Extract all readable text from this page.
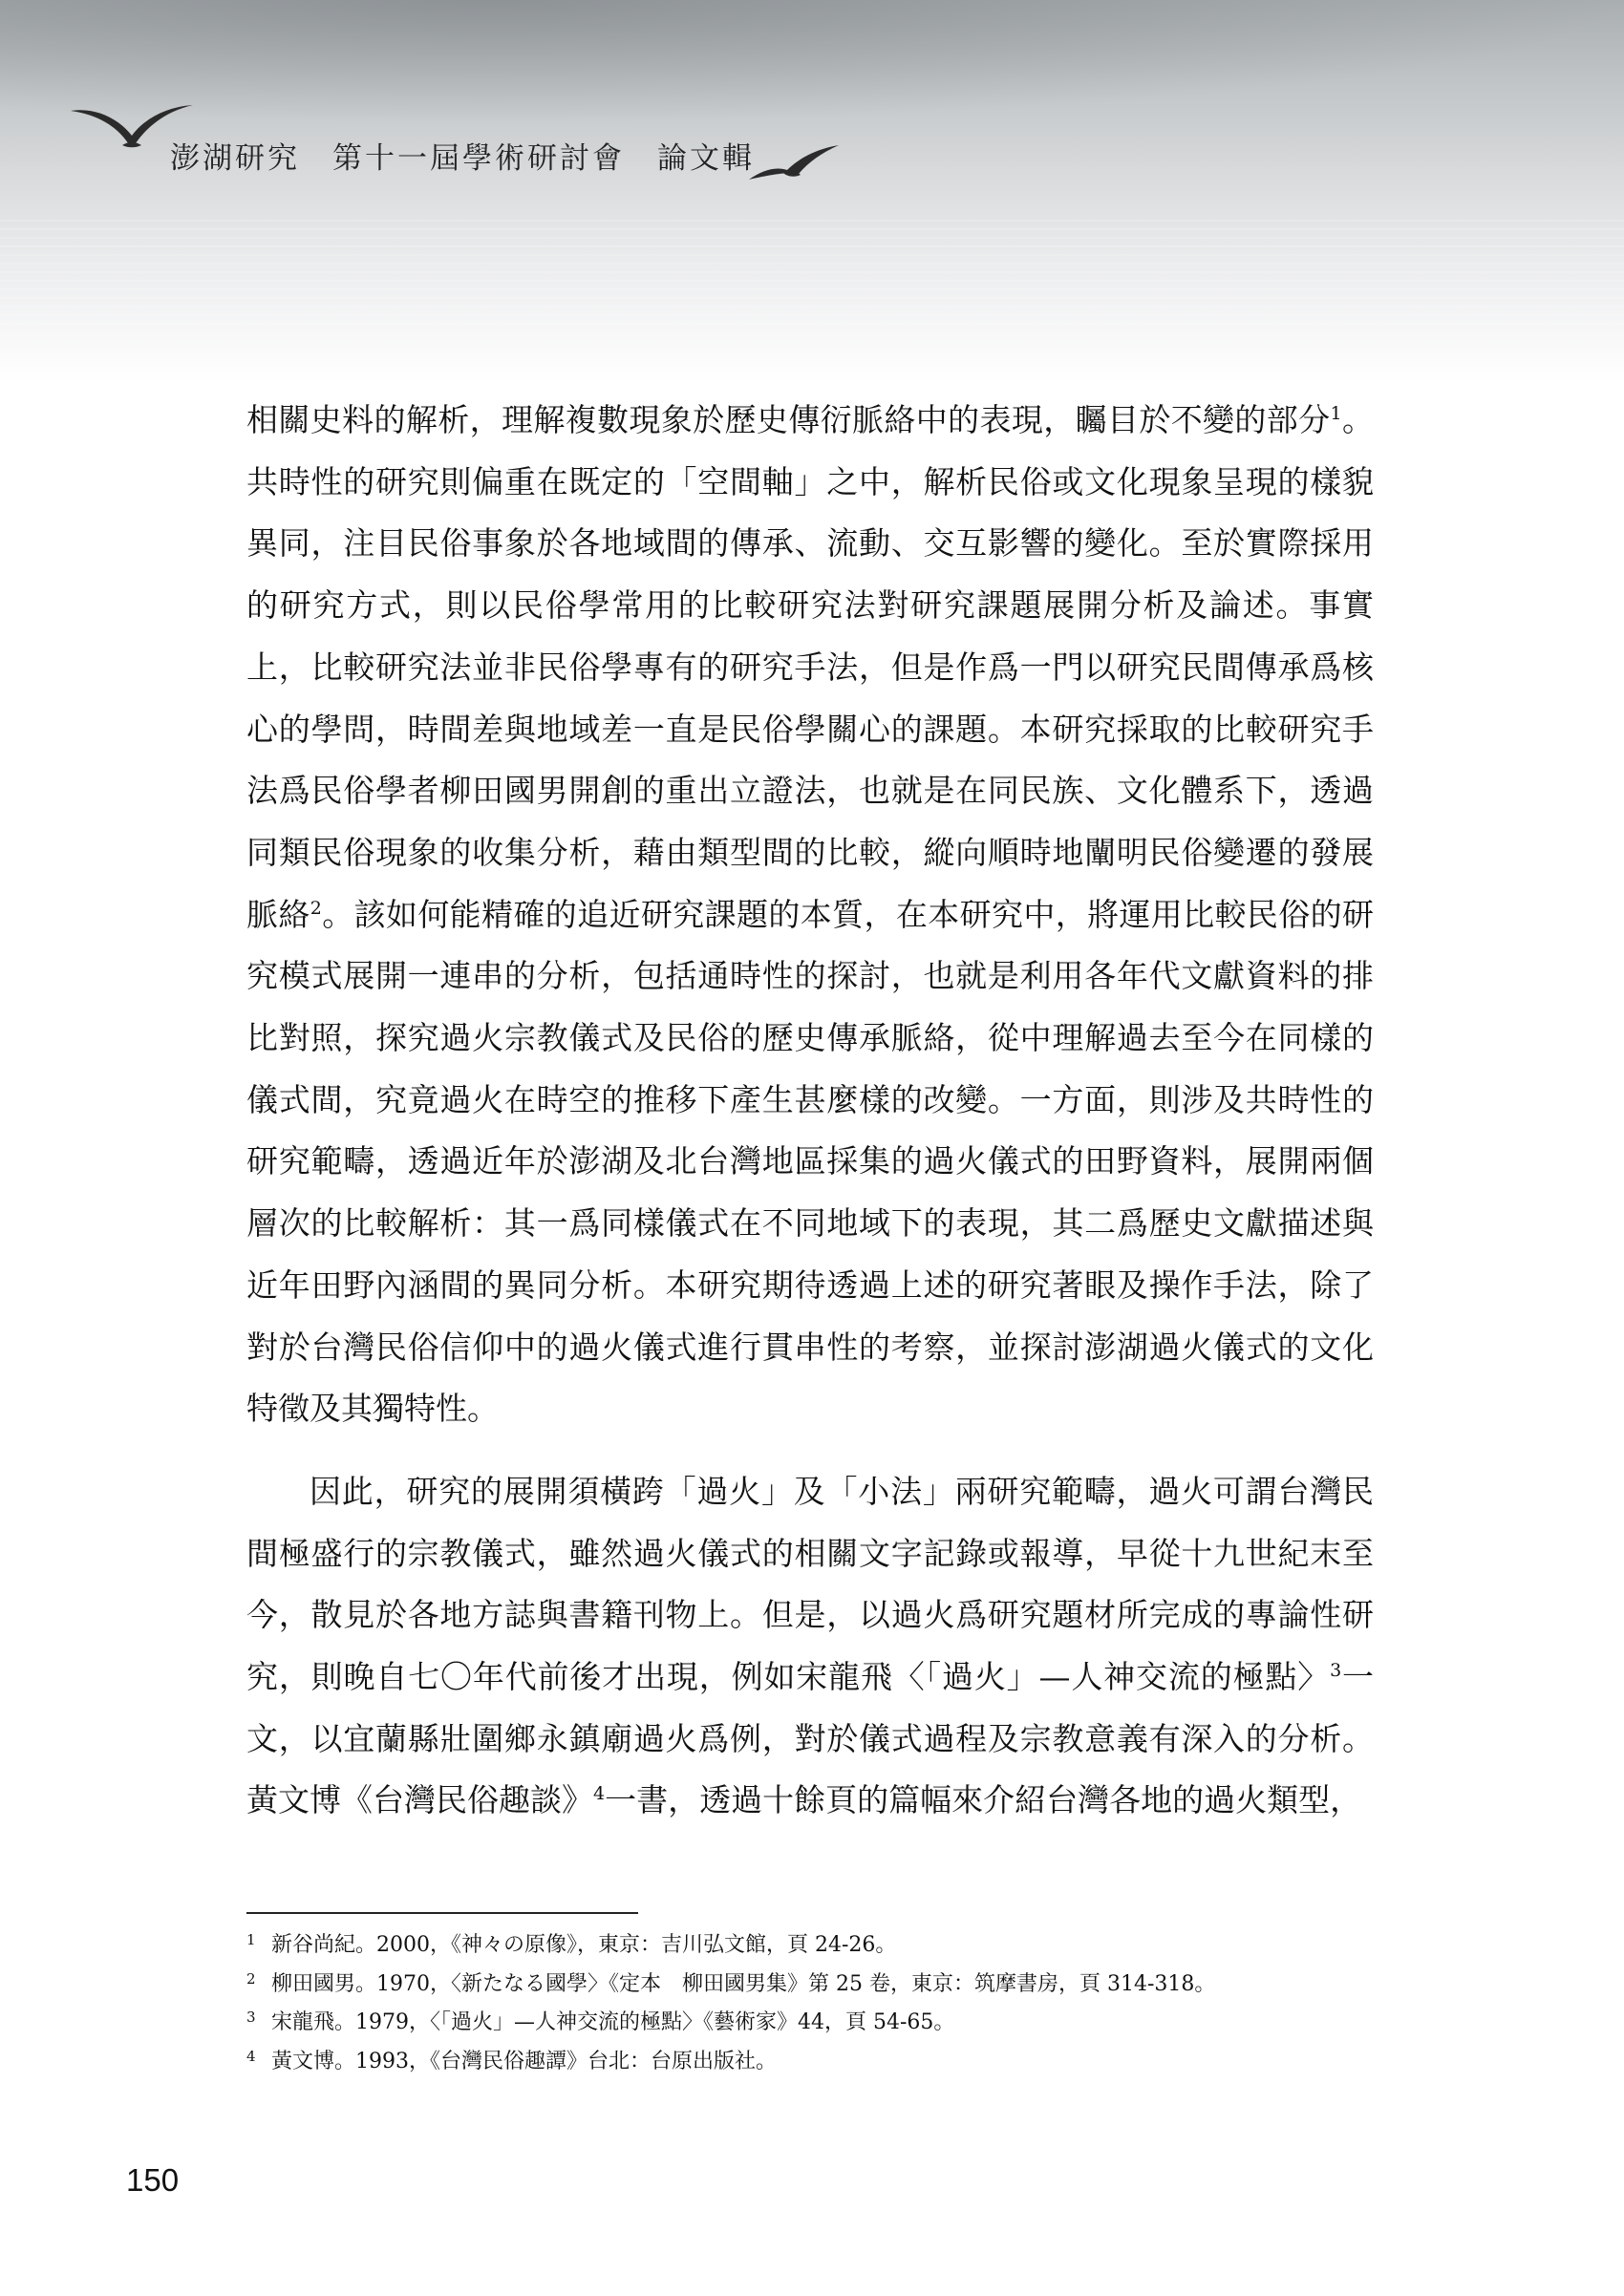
澎湖研究　第十一屆學術研討會　論文輯

相關史料的解析，理解複數現象於歷史傳衍脈絡中的表現，矚目於不變的部分$^1$。共時性的研究則偏重在既定的「空間軸」之中，解析民俗或文化現象呈現的樣貌異同，注目民俗事象於各地域間的傳承、流動、交互影響的變化。至於實際採用的研究方式，則以民俗學常用的比較研究法對研究課題展開分析及論述。事實上，比較研究法並非民俗學專有的研究手法，但是作爲一門以研究民間傳承爲核心的學問，時間差與地域差一直是民俗學關心的課題。本研究採取的比較研究手法爲民俗學者柳田國男開創的重出立證法，也就是在同民族、文化體系下，透過同類民俗現象的收集分析，藉由類型間的比較，縱向順時地闡明民俗變遷的發展脈絡$^2$。該如何能精確的追近研究課題的本質，在本研究中，將運用比較民俗的研究模式展開一連串的分析，包括通時性的探討，也就是利用各年代文獻資料的排比對照，探究過火宗教儀式及民俗的歷史傳承脈絡，從中理解過去至今在同樣的儀式間，究竟過火在時空的推移下產生甚麼樣的改變。一方面，則涉及共時性的研究範疇，透過近年於澎湖及北台灣地區採集的過火儀式的田野資料，展開兩個層次的比較解析：其一爲同樣儀式在不同地域下的表現，其二爲歷史文獻描述與近年田野內涵間的異同分析。本研究期待透過上述的研究著眼及操作手法，除了對於台灣民俗信仰中的過火儀式進行貫串性的考察，並探討澎湖過火儀式的文化特徵及其獨特性。

因此，研究的展開須橫跨「過火」及「小法」兩研究範疇，過火可謂台灣民間極盛行的宗教儀式，雖然過火儀式的相關文字記錄或報導，早從十九世紀末至今，散見於各地方誌與書籍刊物上。但是，以過火爲研究題材所完成的專論性研究，則晚自七〇年代前後才出現，例如宋龍飛〈「過火」—人神交流的極點〉$^3$一文，以宜蘭縣壯圍鄉永鎮廟過火爲例，對於儀式過程及宗教意義有深入的分析。黃文博《台灣民俗趣談》$^4$一書，透過十餘頁的篇幅來介紹台灣各地的過火類型，

1 新谷尚紀。2000，《神々の原像》，東京：吉川弘文館，頁 24-26。
2 柳田國男。1970，〈新たなる國學〉《定本　柳田國男集》第 25 卷，東京：筑摩書房，頁 314-318。
3 宋龍飛。1979，〈「過火」—人神交流的極點〉《藝術家》44，頁 54-65。
4 黃文博。1993，《台灣民俗趣譚》台北：台原出版社。
150
